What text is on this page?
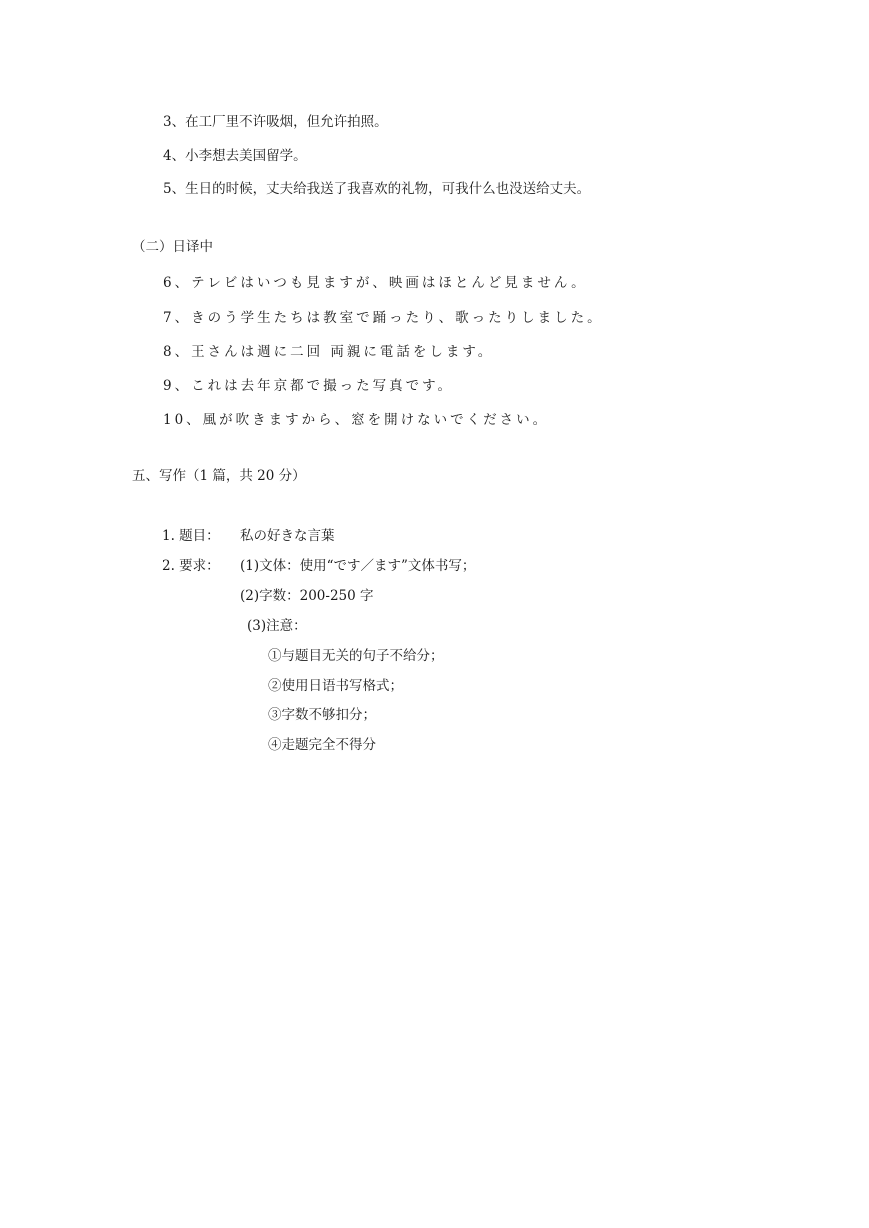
3、在工厂里不许吸烟，但允许拍照。
4、小李想去美国留学。
5、生日的时候，丈夫给我送了我喜欢的礼物，可我什么也没送给丈夫。
（二）日译中
6、テレビはいつも見ますが、映画はほとんど見ません。
7、きのう学生たちは教室で踊ったり、歌ったりしました。
8、王さんは週に二回 両親に電話をします。
9、これは去年京都で撮った写真です。
10、風が吹きますから、窓を開けないでください。
五、写作（1 篇，共 20 分）
1. 题目： 私の好きな言葉
2. 要求： (1)文体：使用“です／ます”文体书写；
(2)字数：200-250 字
(3)注意：
①与题目无关的句子不给分；
②使用日语书写格式；
③字数不够扣分；
④走题完全不得分
